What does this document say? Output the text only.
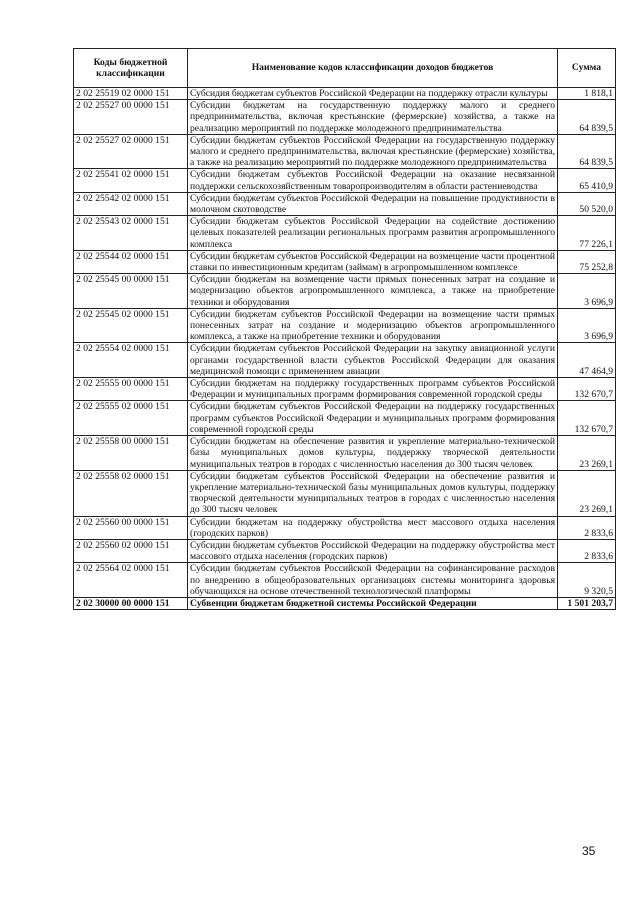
Коды бюджетной классификации	Наименование кодов классификации доходов бюджетов	Сумма
2 02 25519 02 0000 151	Субсидия бюджетам субъектов Российской Федерации на поддержку отрасли культуры	1 818,1
2 02 25527 00 0000 151	Субсидии бюджетам на государственную поддержку малого и среднего предпринимательства, включая крестьянские (фермерские) хозяйства, а также на реализацию мероприятий по поддержке молодежного предпринимательства	64 839,5
2 02 25527 02 0000 151	Субсидии бюджетам субъектов Российской Федерации на государственную поддержку малого и среднего предпринимательства, включая крестьянские (фермерские) хозяйства, а также на реализацию мероприятий по поддержке молодежного предпринимательства	64 839,5
2 02 25541 02 0000 151	Субсидии бюджетам субъектов Российской Федерации на оказание несвязанной поддержки сельскохозяйственным товаропроизводителям в области растениеводства	65 410,9
2 02 25542 02 0000 151	Субсидии бюджетам субъектов Российской Федерации на повышение продуктивности в молочном скотоводстве	50 520,0
2 02 25543 02 0000 151	Субсидии бюджетам субъектов Российской Федерации на содействие достижению целевых показателей реализации региональных программ развития агропромышленного комплекса	77 226,1
2 02 25544 02 0000 151	Субсидии бюджетам субъектов Российской Федерации на возмещение части процентной ставки по инвестиционным кредитам (займам) в агропромышленном комплексе	75 252,8
2 02 25545 00 0000 151	Субсидии бюджетам на возмещение части прямых понесенных затрат на создание и модернизацию объектов агропромышленного комплекса, а также на приобретение техники и оборудования	3 696,9
2 02 25545 02 0000 151	Субсидии бюджетам субъектов Российской Федерации на возмещение части прямых понесенных затрат на создание и модернизацию объектов агропромышленного комплекса, а также на приобретение техники и оборудования	3 696,9
2 02 25554 02 0000 151	Субсидии бюджетам субъектов Российской Федерации на закупку авиационной услуги органами государственной власти субъектов Российской Федерации для оказания медицинской помощи с применением авиации	47 464,9
2 02 25555 00 0000 151	Субсидии бюджетам на поддержку государственных программ субъектов Российской Федерации и муниципальных программ формирования современной городской среды	132 670,7
2 02 25555 02 0000 151	Субсидии бюджетам субъектов Российской Федерации на поддержку государственных программ субъектов Российской Федерации и муниципальных программ формирования современной городской среды	132 670,7
2 02 25558 00 0000 151	Субсидии бюджетам на обеспечение развития и укрепление материально-технической базы муниципальных домов культуры, поддержку творческой деятельности муниципальных театров в городах с численностью населения до 300 тысяч человек	23 269,1
2 02 25558 02 0000 151	Субсидии бюджетам субъектов Российской Федерации на обеспечение развития и укрепление материально-технической базы муниципальных домов культуры, поддержку творческой деятельности муниципальных театров в городах с численностью населения до 300 тысяч человек	23 269,1
2 02 25560 00 0000 151	Субсидии бюджетам на поддержку обустройства мест массового отдыха населения (городских парков)	2 833,6
2 02 25560 02 0000 151	Субсидии бюджетам субъектов Российской Федерации на поддержку обустройства мест массового отдыха населения (городских парков)	2 833,6
2 02 25564 02 0000 151	Субсидии бюджетам субъектов Российской Федерации на софинансирование расходов по внедрению в общеобразовательных организациях системы мониторинга здоровья обучающихся на основе отечественной технологической платформы	9 320,5
2 02 30000 00 0000 151	Субвенции бюджетам бюджетной системы Российской Федерации	1 501 203,7
35
